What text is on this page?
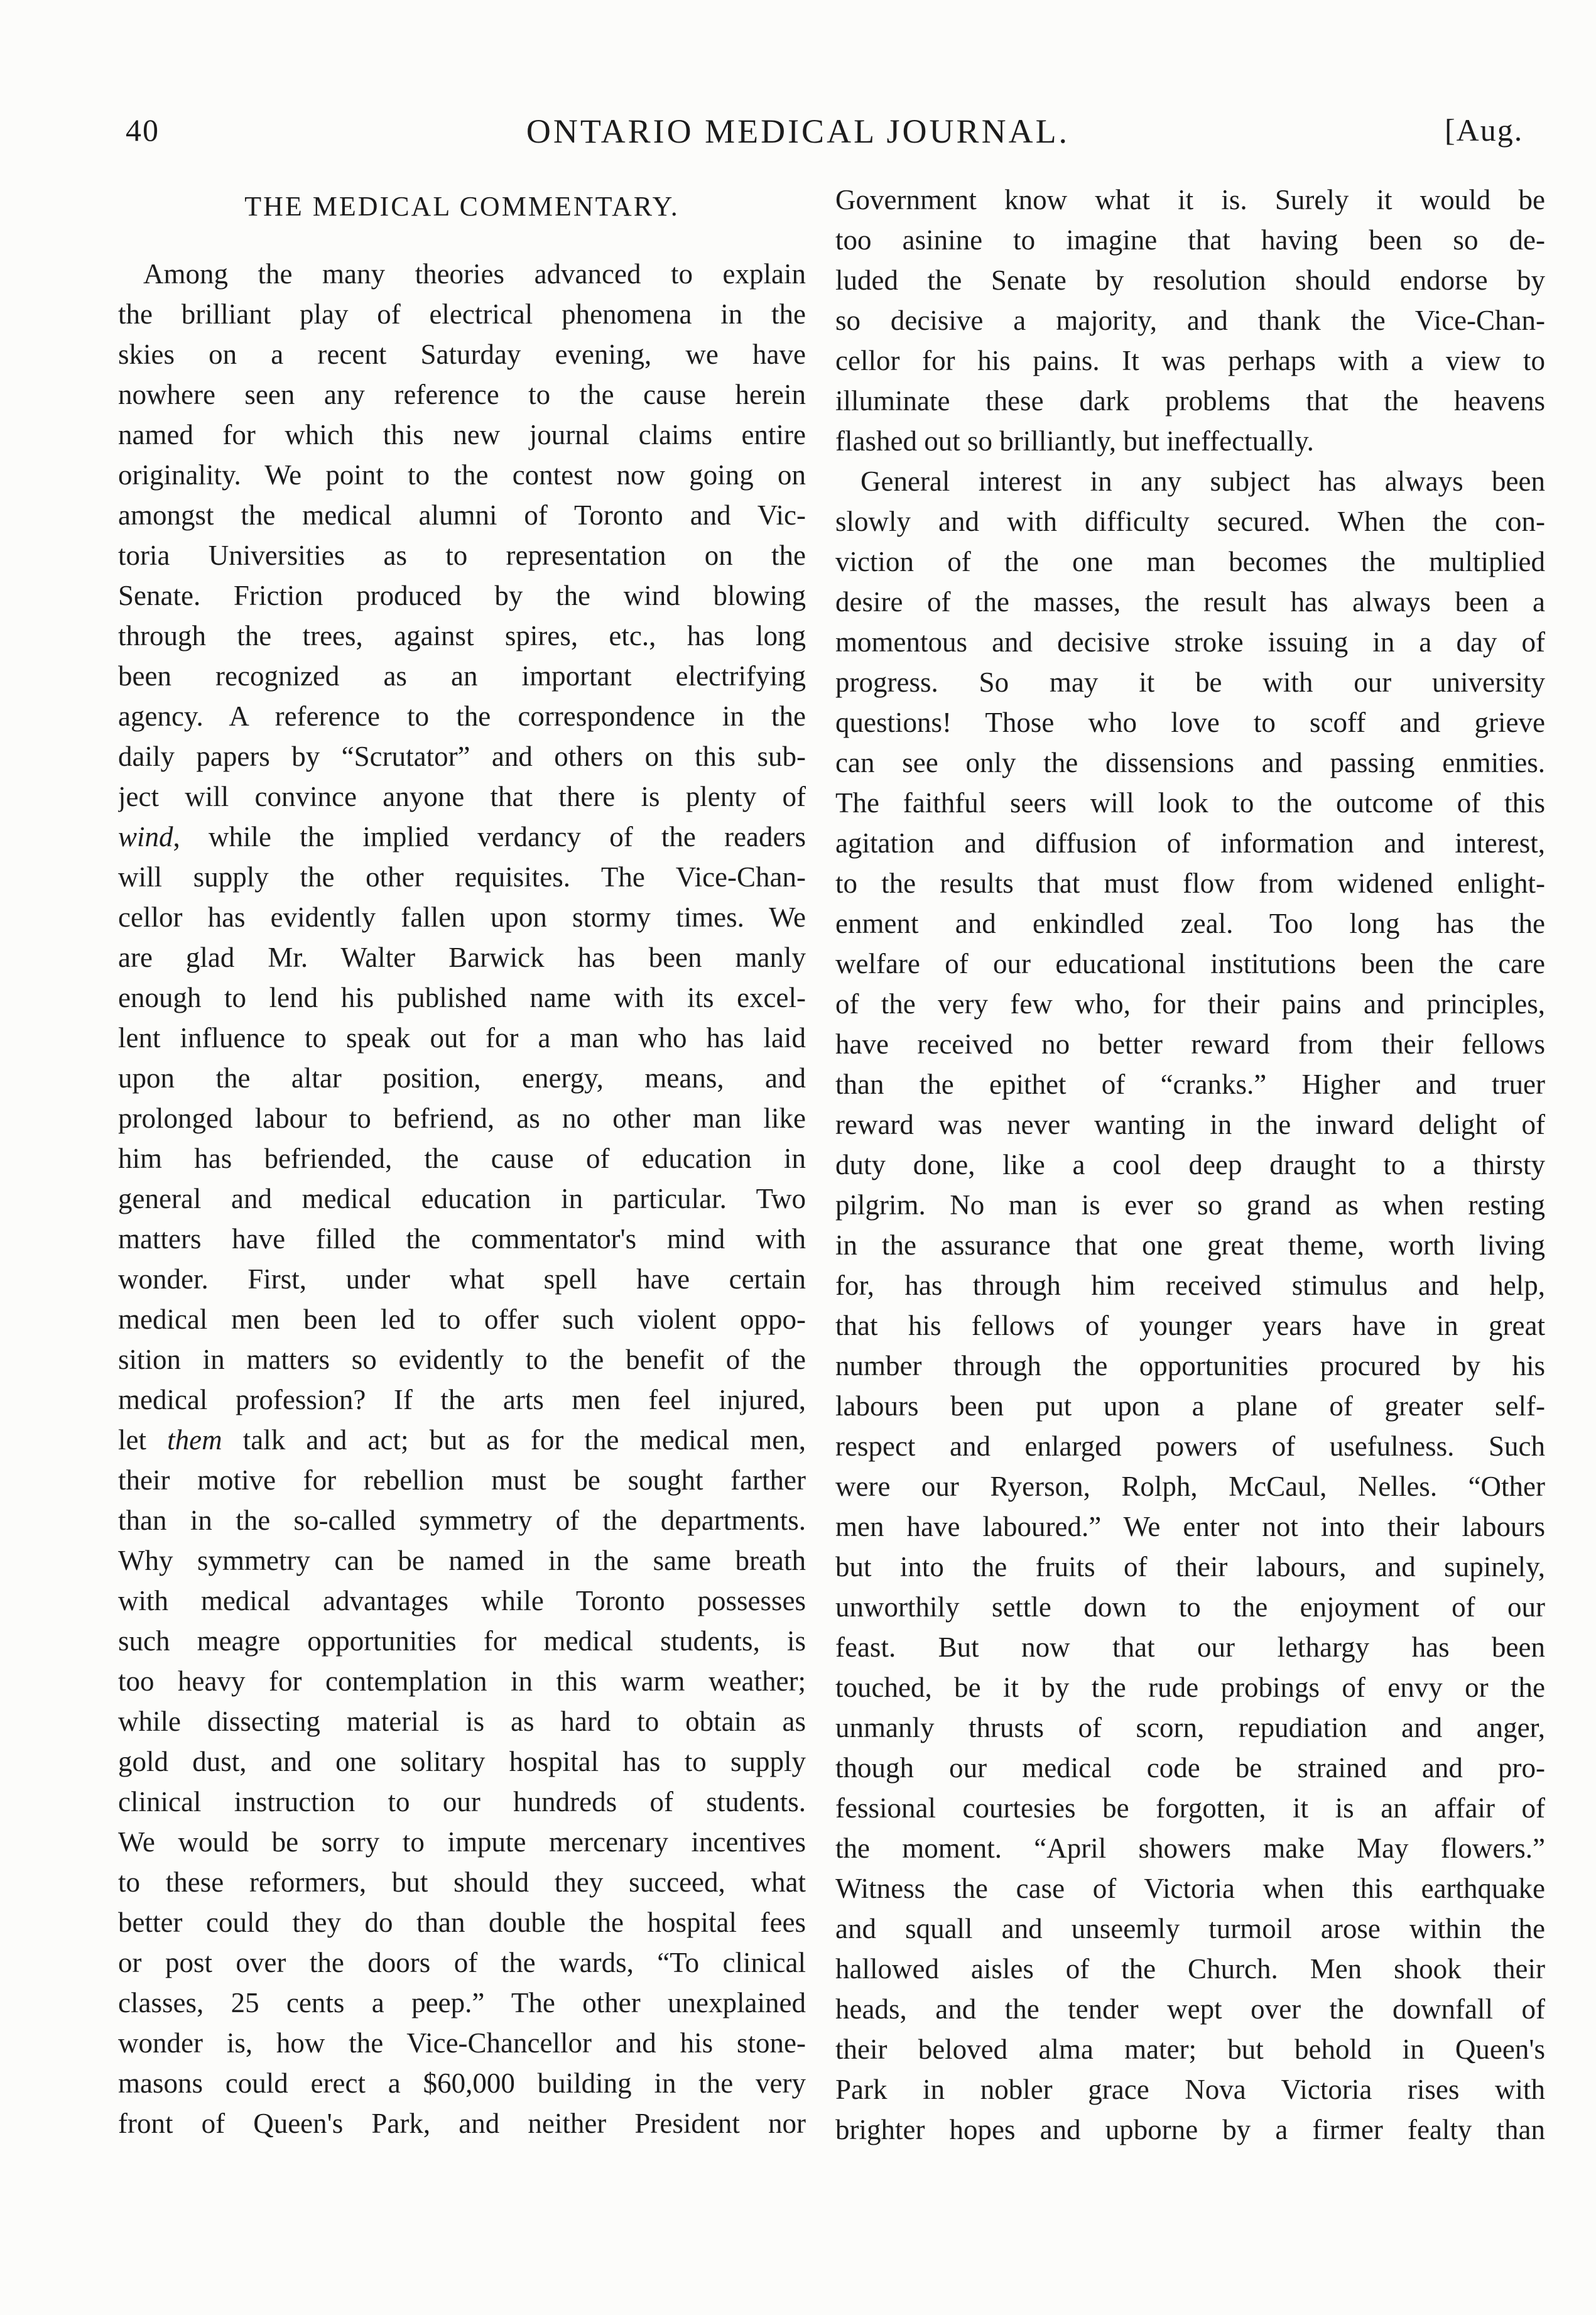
40	ONTARIO MEDICAL JOURNAL.	[Aug.
THE MEDICAL COMMENTARY.
Among the many theories advanced to explain
the brilliant play of electrical phenomena in the
skies on a recent Saturday evening, we have
nowhere seen any reference to the cause herein
named for which this new journal claims entire
originality. We point to the contest now going on
amongst the medical alumni of Toronto and Vic-
toria Universities as to representation on the
Senate. Friction produced by the wind blowing
through the trees, against spires, etc., has long
been recognized as an important electrifying
agency. A reference to the correspondence in the
daily papers by “Scrutator” and others on this sub-
ject will convince anyone that there is plenty of
wind, while the implied verdancy of the readers
will supply the other requisites. The Vice-Chan-
cellor has evidently fallen upon stormy times. We
are glad Mr. Walter Barwick has been manly
enough to lend his published name with its excel-
lent influence to speak out for a man who has laid
upon the altar position, energy, means, and
prolonged labour to befriend, as no other man like
him has befriended, the cause of education in
general and medical education in particular. Two
matters have filled the commentator's mind with
wonder. First, under what spell have certain
medical men been led to offer such violent oppo-
sition in matters so evidently to the benefit of the
medical profession? If the arts men feel injured,
let them talk and act; but as for the medical men,
their motive for rebellion must be sought farther
than in the so-called symmetry of the departments.
Why symmetry can be named in the same breath
with medical advantages while Toronto possesses
such meagre opportunities for medical students, is
too heavy for contemplation in this warm weather;
while dissecting material is as hard to obtain as
gold dust, and one solitary hospital has to supply
clinical instruction to our hundreds of students.
We would be sorry to impute mercenary incentives
to these reformers, but should they succeed, what
better could they do than double the hospital fees
or post over the doors of the wards, “To clinical
classes, 25 cents a peep.” The other unexplained
wonder is, how the Vice-Chancellor and his stone-
masons could erect a $60,000 building in the very
front of Queen's Park, and neither President nor
Government know what it is. Surely it would be
too asinine to imagine that having been so de-
luded the Senate by resolution should endorse by
so decisive a majority, and thank the Vice-Chan-
cellor for his pains. It was perhaps with a view to
illuminate these dark problems that the heavens
flashed out so brilliantly, but ineffectually.
General interest in any subject has always been
slowly and with difficulty secured. When the con-
viction of the one man becomes the multiplied
desire of the masses, the result has always been a
momentous and decisive stroke issuing in a day of
progress. So may it be with our university
questions! Those who love to scoff and grieve
can see only the dissensions and passing enmities.
The faithful seers will look to the outcome of this
agitation and diffusion of information and interest,
to the results that must flow from widened enlight-
enment and enkindled zeal. Too long has the
welfare of our educational institutions been the care
of the very few who, for their pains and principles,
have received no better reward from their fellows
than the epithet of “cranks.” Higher and truer
reward was never wanting in the inward delight of
duty done, like a cool deep draught to a thirsty
pilgrim. No man is ever so grand as when resting
in the assurance that one great theme, worth living
for, has through him received stimulus and help,
that his fellows of younger years have in great
number through the opportunities procured by his
labours been put upon a plane of greater self-
respect and enlarged powers of usefulness. Such
were our Ryerson, Rolph, McCaul, Nelles. “Other
men have laboured.” We enter not into their labours
but into the fruits of their labours, and supinely,
unworthily settle down to the enjoyment of our
feast. But now that our lethargy has been
touched, be it by the rude probings of envy or the
unmanly thrusts of scorn, repudiation and anger,
though our medical code be strained and pro-
fessional courtesies be forgotten, it is an affair of
the moment. “April showers make May flowers.”
Witness the case of Victoria when this earthquake
and squall and unseemly turmoil arose within the
hallowed aisles of the Church. Men shook their
heads, and the tender wept over the downfall of
their beloved alma mater; but behold in Queen's
Park in nobler grace Nova Victoria rises with
brighter hopes and upborne by a firmer fealty than
